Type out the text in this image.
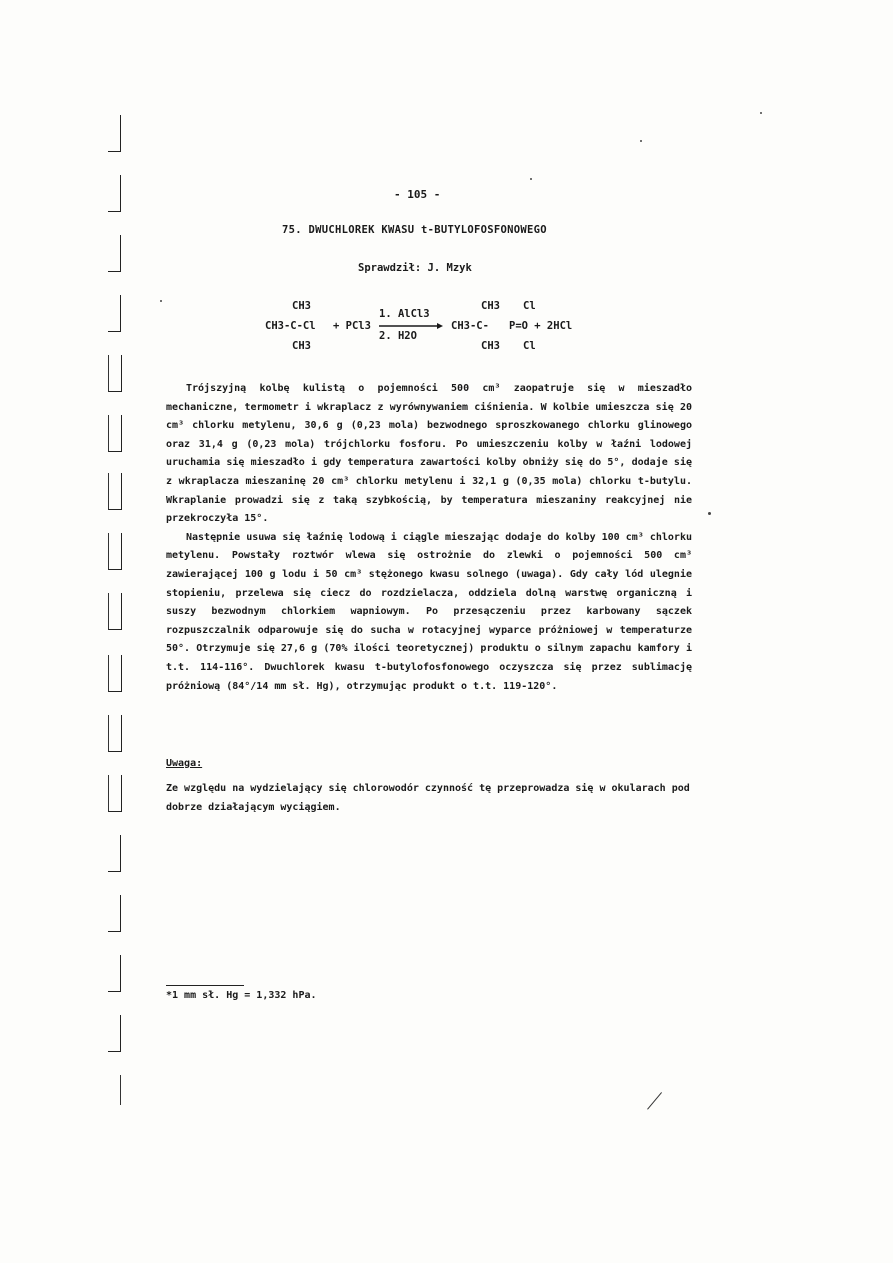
- 105 -
75. DWUCHLOREK KWASU t-BUTYLOFOSFONOWEGO
Sprawdził: J. Mzyk
CH3
CH3-C-Cl
CH3
+ PCl3
1. AlCl3
2. H2O
CH3
CH3-C-
CH3
Cl
P=O + 2HCl
Cl

Trójszyjną kolbę kulistą o pojemności 500 cm³ zaopatruje się w mieszadło mechaniczne, termometr i wkraplacz z wyrównywaniem ciśnienia. W kolbie umieszcza się 20 cm³ chlorku metylenu, 30,6 g (0,23 mola) bezwodnego sproszkowanego chlorku glinowego oraz 31,4 g (0,23 mola) trójchlorku fosforu. Po umieszczeniu kolby w łaźni lodowej uruchamia się mieszadło i gdy temperatura zawartości kolby obniży się do 5°, dodaje się z wkraplacza mieszaninę 20 cm³ chlorku metylenu i 32,1 g (0,35 mola) chlorku t-butylu. Wkraplanie prowadzi się z taką szybkością, by temperatura mieszaniny reakcyjnej nie przekroczyła 15°.

Następnie usuwa się łaźnię lodową i ciągle mieszając dodaje do kolby 100 cm³ chlorku metylenu. Powstały roztwór wlewa się ostrożnie do zlewki o pojemności 500 cm³ zawierającej 100 g lodu i 50 cm³ stężonego kwasu solnego (uwaga). Gdy cały lód ulegnie stopieniu, przelewa się ciecz do rozdzielacza, oddziela dolną warstwę organiczną i suszy bezwodnym chlorkiem wapniowym. Po przesączeniu przez karbowany sączek rozpuszczalnik odparowuje się do sucha w rotacyjnej wyparce próżniowej w temperaturze 50°. Otrzymuje się 27,6 g (70% ilości teoretycznej) produktu o silnym zapachu kamfory i t.t. 114-116°. Dwuchlorek kwasu t-butylofosfonowego oczyszcza się przez sublimację próżniową (84°/14 mm sł. Hg), otrzymując produkt o t.t. 119-120°.

Uwaga:
Ze względu na wydzielający się chlorowodór czynność tę przeprowadza się w okularach pod dobrze działającym wyciągiem.
*1 mm sł. Hg = 1,332 hPa.
